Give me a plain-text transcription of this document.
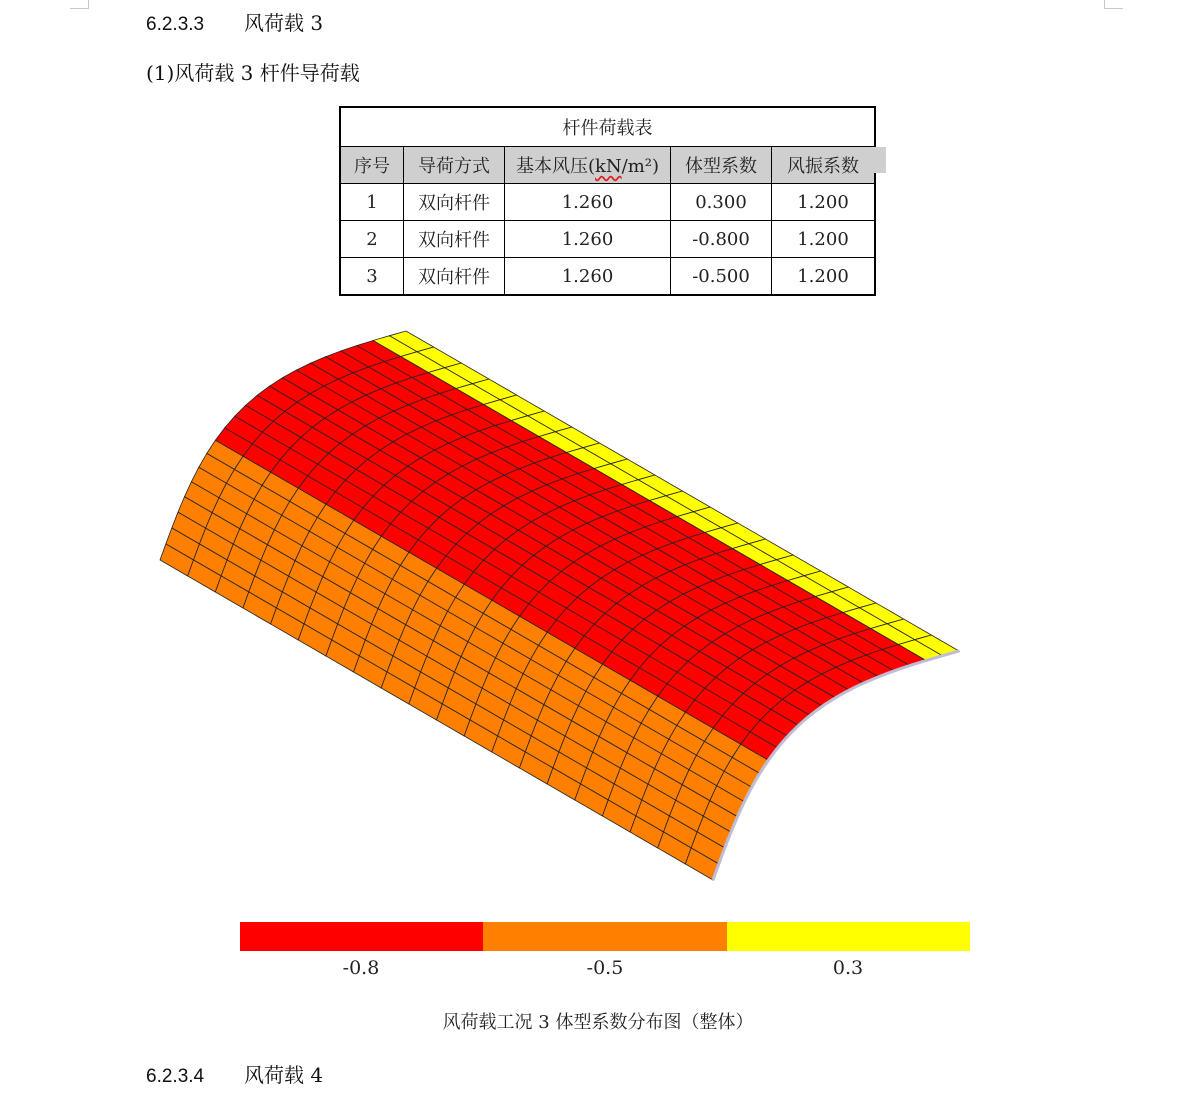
6.2.3.3 风荷载 3
(1)风荷载 3 杆件导荷载
杆件荷载表				
序号	导荷方式	基本风压(kN/m²)	体型系数	风振系数
1	双向杆件	1.260	0.300	1.200
2	双向杆件	1.260	-0.800	1.200
3	双向杆件	1.260	-0.500	1.200
-0.8	-0.5	0.3
风荷载工况 3 体型系数分布图（整体）
6.2.3.4 风荷载 4
